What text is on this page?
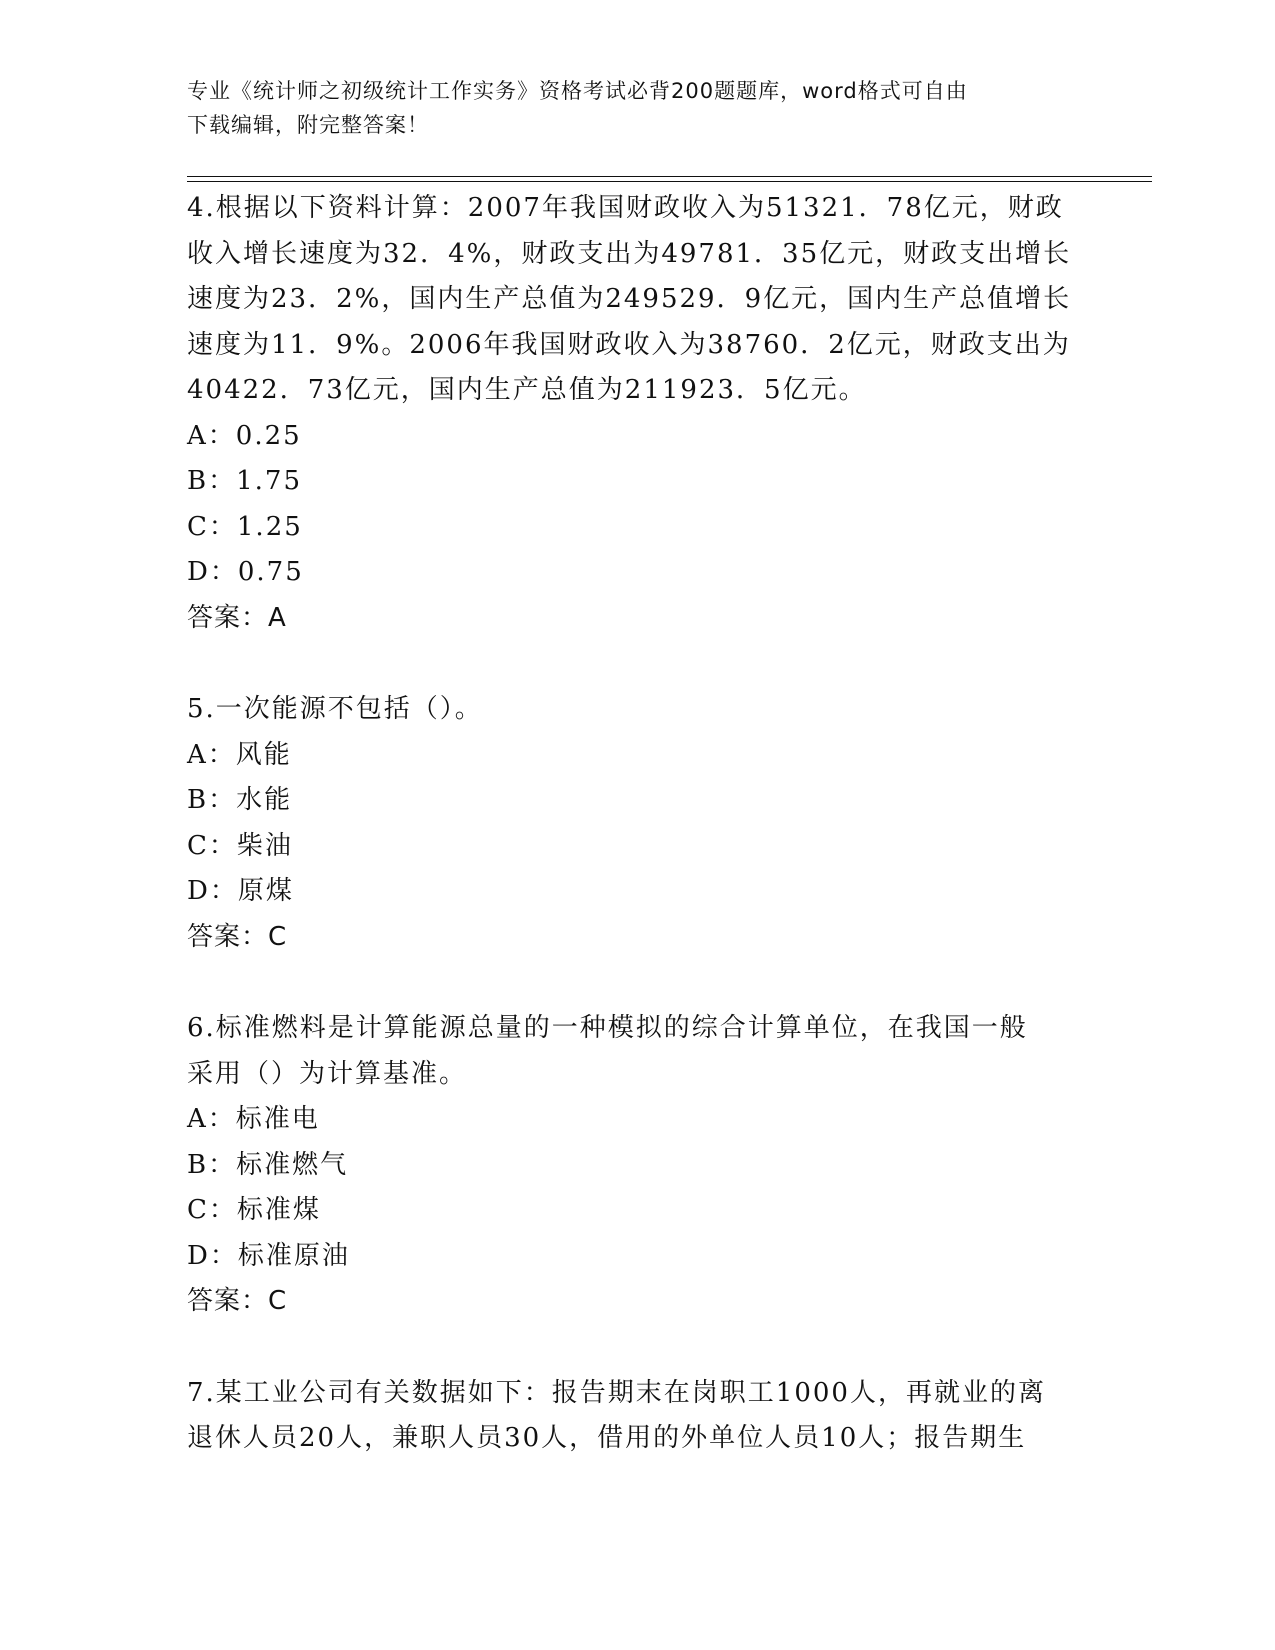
专业《统计师之初级统计工作实务》资格考试必背200题题库，word格式可自由
下载编辑，附完整答案！

4.根据以下资料计算：2007年我国财政收入为51321．78亿元，财政

收入增长速度为32．4%，财政支出为49781．35亿元，财政支出增长

速度为23．2%，国内生产总值为249529．9亿元，国内生产总值增长

速度为11．9%。2006年我国财政收入为38760．2亿元，财政支出为

40422．73亿元，国内生产总值为211923．5亿元。

A：0.25

B：1.75

C：1.25

D：0.75

答案：A

5.一次能源不包括（）。

A：风能

B：水能

C：柴油

D：原煤

答案：C

6.标准燃料是计算能源总量的一种模拟的综合计算单位，在我国一般

采用（）为计算基准。

A：标准电

B：标准燃气

C：标准煤

D：标准原油

答案：C

7.某工业公司有关数据如下：报告期末在岗职工1000人，再就业的离

退休人员20人，兼职人员30人，借用的外单位人员10人；报告期生
